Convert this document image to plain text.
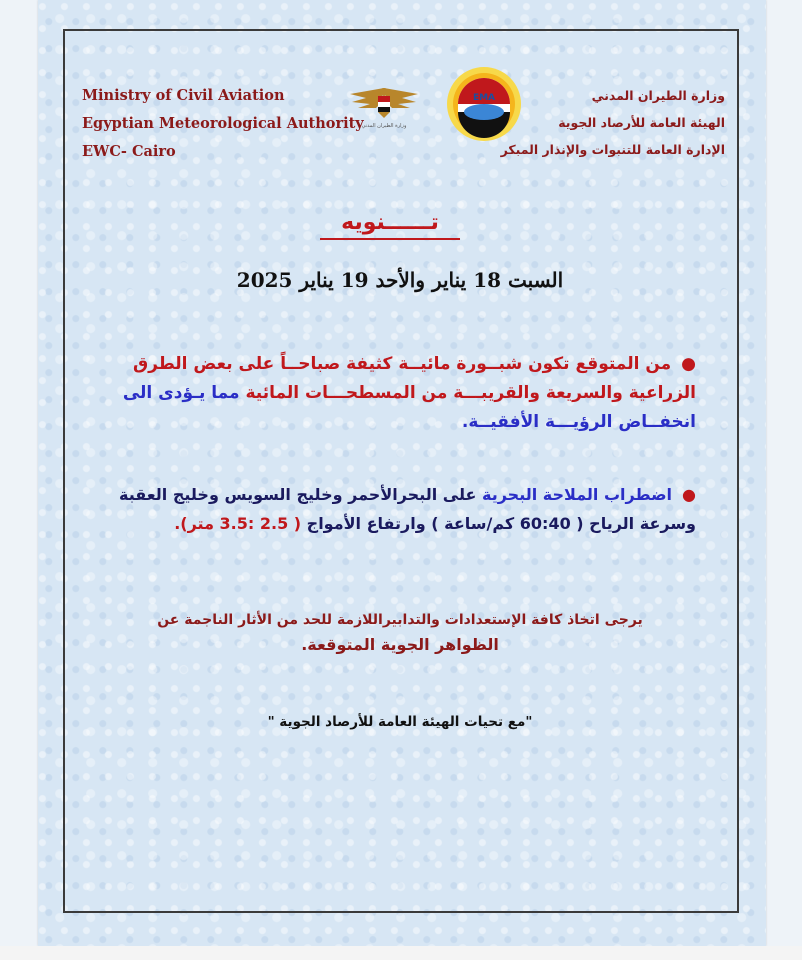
Ministry of Civil Aviation
Egyptian Meteorological Authority
EWC- Cairo
وزارة الطيران المدني
EMA	وزارة الطيران المدني
الهيئة العامة للأرصاد الجوية
الإدارة العامة للتنبوات والإنذار المبكر
تــــــنويه
السبت 18 يناير والأحد 19 يناير 2025
●من المتوقع تكون شبــورة مائيــة كثيفة صباحــاً على بعض الطرق
الزراعية والسريعة والقريبـــة من المسطحـــات المائية مما يـؤدى الى
انخفــاض الرؤيـــة الأفقيــة.
●اضطراب الملاحة البحرية على البحرالأحمر وخليج السويس وخليج العقبة
وسرعة الرياح ( 60:40 كم/ساعة ) وارتفاع الأمواج ( 2.5 :3.5 متر).
يرجى اتخاذ كافة الإستعدادات والتدابيراللازمة للحد من الأثار الناجمة عن
الظواهر الجوية المتوقعة.
"مع تحيات الهيئة العامة للأرصاد الجوية "
